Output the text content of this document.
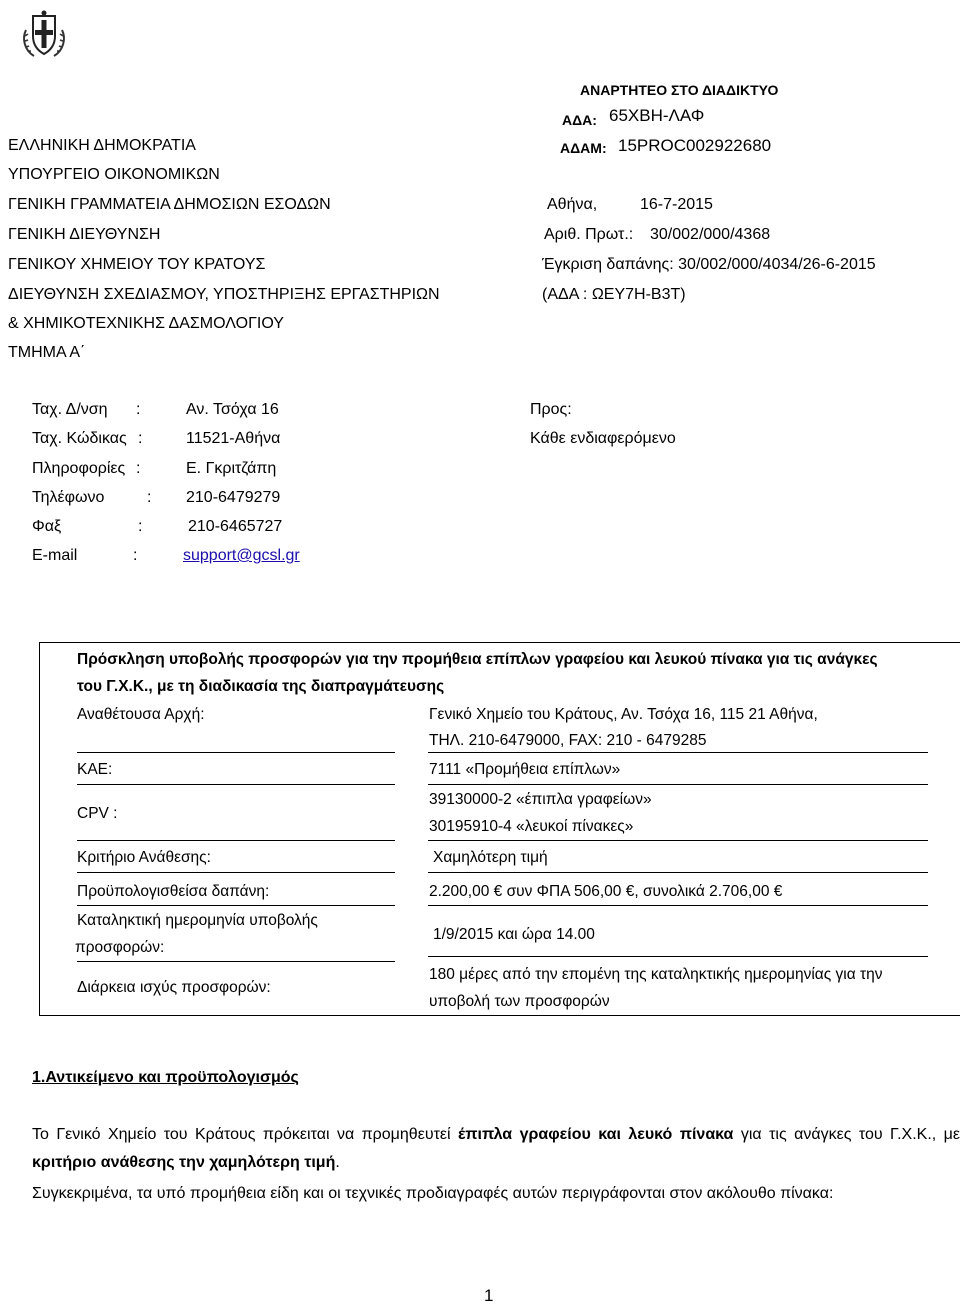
ΕΛΛΗΝΙΚΗ ΔΗΜΟΚΡΑΤΙΑ
ΥΠΟΥΡΓΕΙΟ ΟΙΚΟΝΟΜΙΚΩΝ
ΓΕΝΙΚΗ ΓΡΑΜΜΑΤΕΙΑ ΔΗΜΟΣΙΩΝ ΕΣΟΔΩΝ
ΓΕΝΙΚΗ ΔΙΕΥΘΥΝΣΗ
ΓΕΝΙΚΟΥ ΧΗΜΕΙΟΥ ΤΟΥ ΚΡΑΤΟΥΣ
ΔΙΕΥΘΥΝΣΗ ΣΧΕΔΙΑΣΜΟΥ, ΥΠΟΣΤΗΡΙΞΗΣ ΕΡΓΑΣΤΗΡΙΩΝ
& ΧΗΜΙΚΟΤΕΧΝΙΚΗΣ ΔΑΣΜΟΛΟΓΙΟΥ
ΤΜΗΜΑ Α΄
ΑΝΑΡΤΗΤΕΟ ΣΤΟ ΔΙΑΔΙΚΤΥΟ
ΑΔΑ: 65ΧΒΗ-ΛΑΦ
ΑΔΑΜ: 15PROC002922680
Αθήνα,	16-7-2015
Αριθ. Πρωτ.: 30/002/000/4368
Έγκριση δαπάνης: 30/002/000/4034/26-6-2015
(ΑΔΑ : ΩΕΥ7Η-Β3Τ)
Ταχ. Δ/νση :	Αν. Τσόχα 16
Ταχ. Κώδικας :	11521-Αθήνα
Πληροφορίες :	Ε. Γκριτζάπη
Τηλέφωνο	: 210-6479279
Φαξ	:	210-6465727
E-mail	:	support@gcsl.gr
Προς:
Κάθε ενδιαφερόμενο
Πρόσκληση υποβολής προσφορών για την προμήθεια επίπλων γραφείου και λευκού πίνακα για τις ανάγκες
του Γ.Χ.Κ., με τη διαδικασία της διαπραγμάτευσης
Αναθέτουσα Αρχή:	Γενικό Χημείο του Κράτους, Αν. Τσόχα 16, 115 21 Αθήνα,
ΤΗΛ. 210-6479000, FAX: 210 - 6479285
ΚΑΕ:	7111 «Προμήθεια επίπλων»
CPV :
39130000-2 «έπιπλα γραφείων»
30195910-4 «λευκοί πίνακες»
Κριτήριο Ανάθεσης:	Χαμηλότερη τιμή
Προϋπολογισθείσα δαπάνη:	2.200,00 € συν ΦΠΑ 506,00 €, συνολικά 2.706,00 €
Καταληκτική ημερομηνία υποβολής
προσφορών:
1/9/2015 και ώρα 14.00
Διάρκεια ισχύς προσφορών:
180 μέρες από την επομένη της καταληκτικής ημερομηνίας για την
υποβολή των προσφορών
1.Αντικείμενο και προϋπολογισμός
Το Γενικό Χημείο του Κράτους πρόκειται να προμηθευτεί έπιπλα γραφείου και λευκό πίνακα για τις ανάγκες του Γ.Χ.Κ., με κριτήριο ανάθεσης την χαμηλότερη τιμή.
Συγκεκριμένα, τα υπό προμήθεια είδη και οι τεχνικές προδιαγραφές αυτών περιγράφονται στον ακόλουθο πίνακα:
1
